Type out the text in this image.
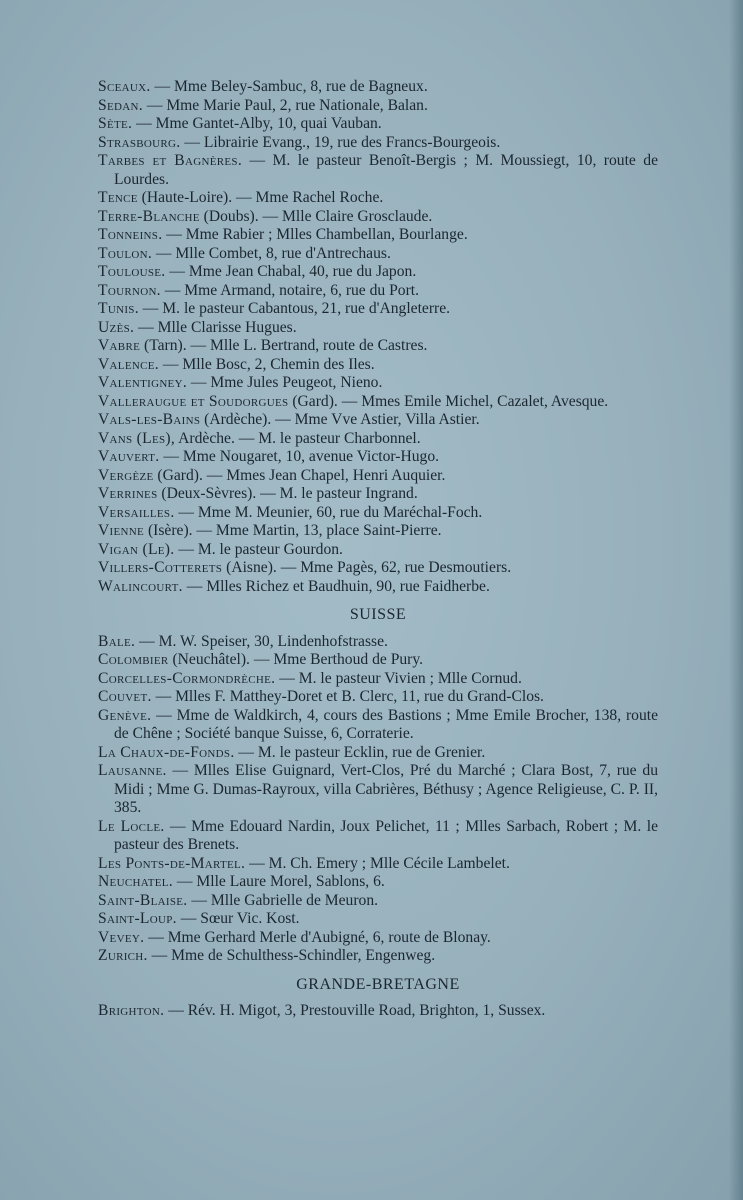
Sceaux. — Mme Beley-Sambuc, 8, rue de Bagneux.

Sedan. — Mme Marie Paul, 2, rue Nationale, Balan.

Sète. — Mme Gantet-Alby, 10, quai Vauban.

Strasbourg. — Librairie Evang., 19, rue des Francs-Bourgeois.

Tarbes et Bagnères. — M. le pasteur Benoît-Bergis ; M. Moussiegt, 10, route de Lourdes.

Tence (Haute-Loire). — Mme Rachel Roche.

Terre-Blanche (Doubs). — Mlle Claire Grosclaude.

Tonneins. — Mme Rabier ; Mlles Chambellan, Bourlange.

Toulon. — Mlle Combet, 8, rue d'Antrechaus.

Toulouse. — Mme Jean Chabal, 40, rue du Japon.

Tournon. — Mme Armand, notaire, 6, rue du Port.

Tunis. — M. le pasteur Cabantous, 21, rue d'Angleterre.

Uzès. — Mlle Clarisse Hugues.

Vabre (Tarn). — Mlle L. Bertrand, route de Castres.

Valence. — Mlle Bosc, 2, Chemin des Iles.

Valentigney. — Mme Jules Peugeot, Nieno.

Valleraugue et Soudorgues (Gard). — Mmes Emile Michel, Cazalet, Avesque.

Vals-les-Bains (Ardèche). — Mme Vve Astier, Villa Astier.

Vans (Les), Ardèche. — M. le pasteur Charbonnel.

Vauvert. — Mme Nougaret, 10, avenue Victor-Hugo.

Vergèze (Gard). — Mmes Jean Chapel, Henri Auquier.

Verrines (Deux-Sèvres). — M. le pasteur Ingrand.

Versailles. — Mme M. Meunier, 60, rue du Maréchal-Foch.

Vienne (Isère). — Mme Martin, 13, place Saint-Pierre.

Vigan (Le). — M. le pasteur Gourdon.

Villers-Cotterets (Aisne). — Mme Pagès, 62, rue Desmoutiers.

Walincourt. — Mlles Richez et Baudhuin, 90, rue Faidherbe.

SUISSE

Bale. — M. W. Speiser, 30, Lindenhofstrasse.

Colombier (Neuchâtel). — Mme Berthoud de Pury.

Corcelles-Cormondrèche. — M. le pasteur Vivien ; Mlle Cornud.

Couvet. — Mlles F. Matthey-Doret et B. Clerc, 11, rue du Grand-Clos.

Genève. — Mme de Waldkirch, 4, cours des Bastions ; Mme Emile Brocher, 138, route de Chêne ; Société banque Suisse, 6, Corraterie.

La Chaux-de-Fonds. — M. le pasteur Ecklin, rue de Grenier.

Lausanne. — Mlles Elise Guignard, Vert-Clos, Pré du Marché ; Clara Bost, 7, rue du Midi ; Mme G. Dumas-Rayroux, villa Cabrières, Béthusy ; Agence Religieuse, C. P. II, 385.

Le Locle. — Mme Edouard Nardin, Joux Pelichet, 11 ; Mlles Sarbach, Robert ; M. le pasteur des Brenets.

Les Ponts-de-Martel. — M. Ch. Emery ; Mlle Cécile Lambelet.

Neuchatel. — Mlle Laure Morel, Sablons, 6.

Saint-Blaise. — Mlle Gabrielle de Meuron.

Saint-Loup. — Sœur Vic. Kost.

Vevey. — Mme Gerhard Merle d'Aubigné, 6, route de Blonay.

Zurich. — Mme de Schulthess-Schindler, Engenweg.

GRANDE-BRETAGNE

Brighton. — Rév. H. Migot, 3, Prestouville Road, Brighton, 1, Sussex.
